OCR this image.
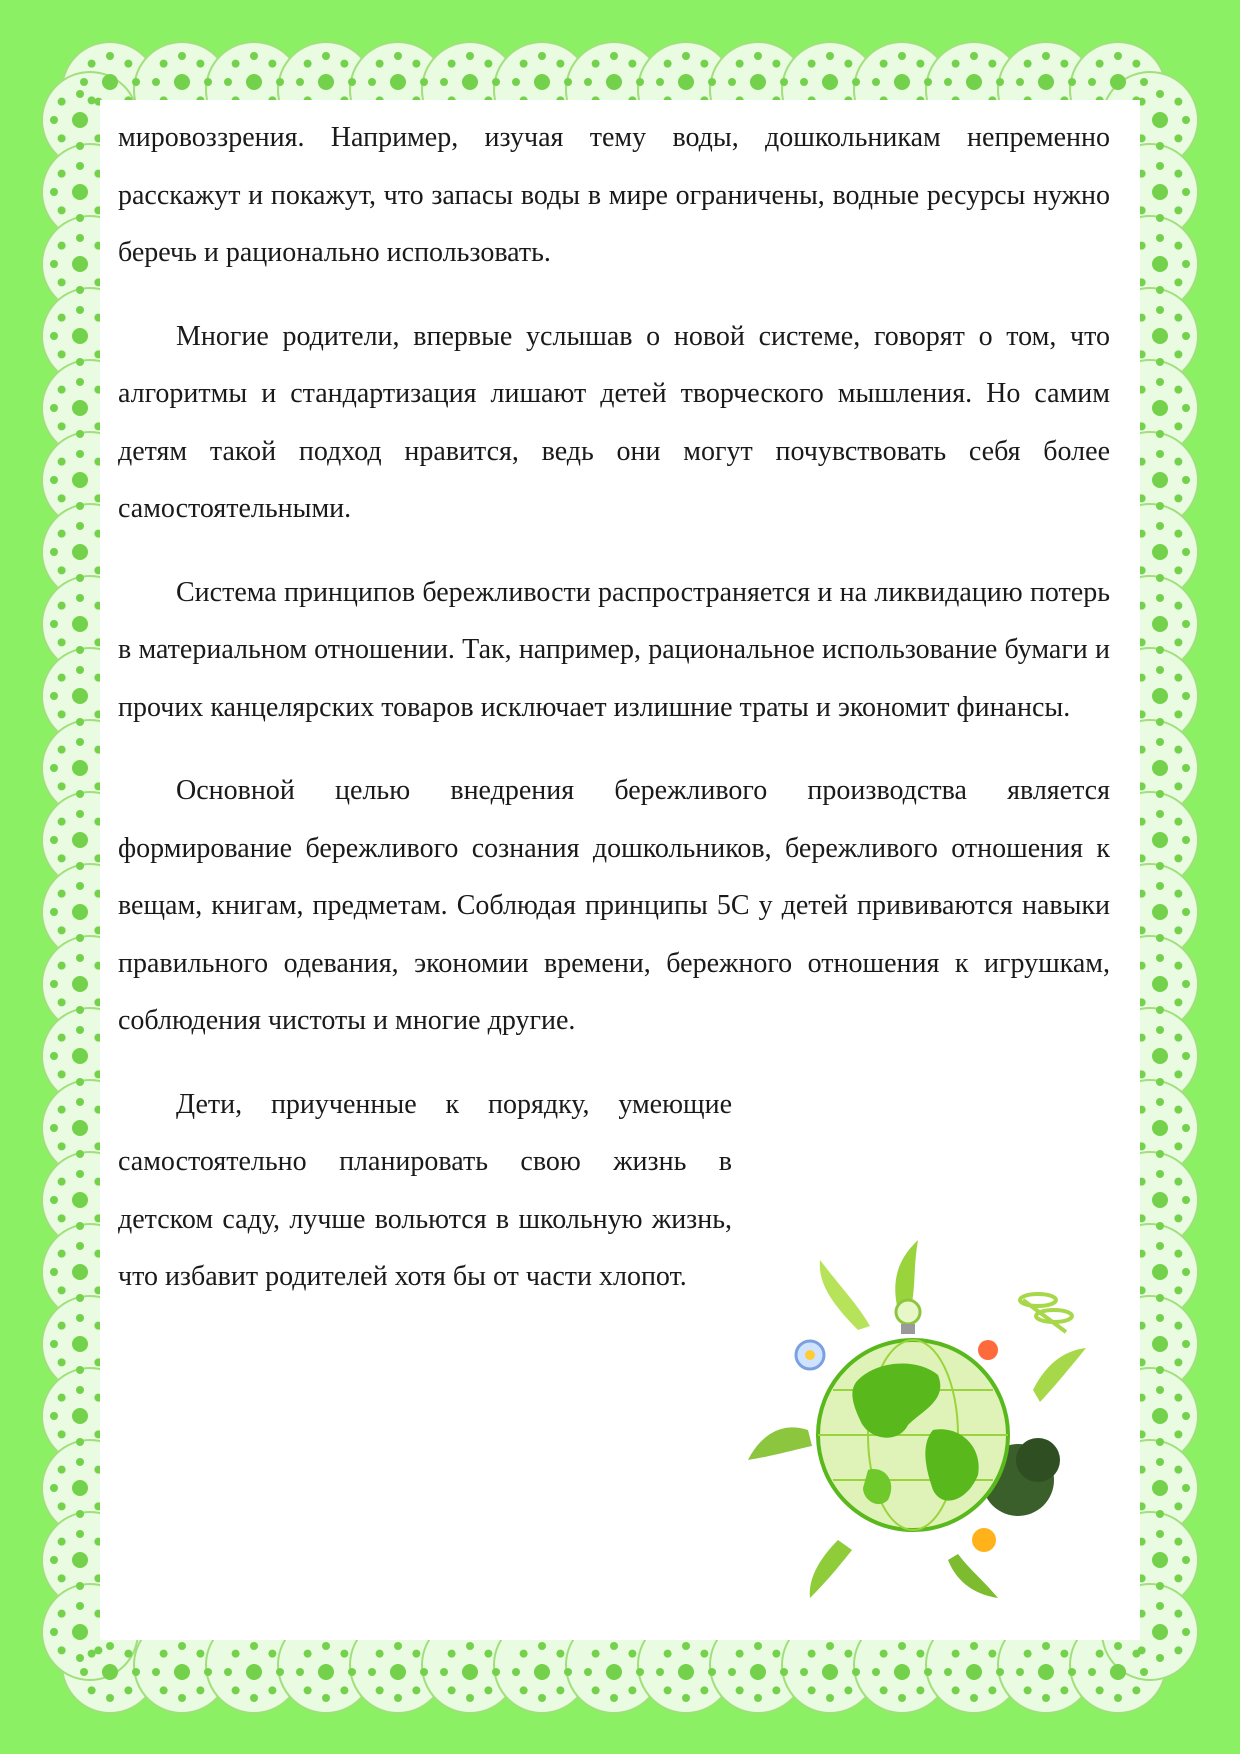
мировоззрения. Например, изучая тему воды, дошкольникам непременно расскажут и покажут, что запасы воды в мире ограничены, водные ресурсы нужно беречь и рационально использовать.

Многие родители, впервые услышав о новой системе, говорят о том, что алгоритмы и стандартизация лишают детей творческого мышления. Но самим детям такой подход нравится, ведь они могут почувствовать себя более самостоятельными.

Система принципов бережливости распространяется и на ликвидацию потерь в материальном отношении. Так, например, рациональное использование бумаги и прочих канцелярских товаров исключает излишние траты и экономит финансы.

Основной целью внедрения бережливого производства является формирование бережливого сознания дошкольников, бережливого отношения к вещам, книгам, предметам. Соблюдая принципы 5С у детей прививаются навыки правильного одевания, экономии времени, бережного отношения к игрушкам, соблюдения чистоты и многие другие.

Дети, приученные к порядку, умеющие самостоятельно планировать свою жизнь в детском саду, лучше вольются в школьную жизнь, что избавит родителей хотя бы от части хлопот.
